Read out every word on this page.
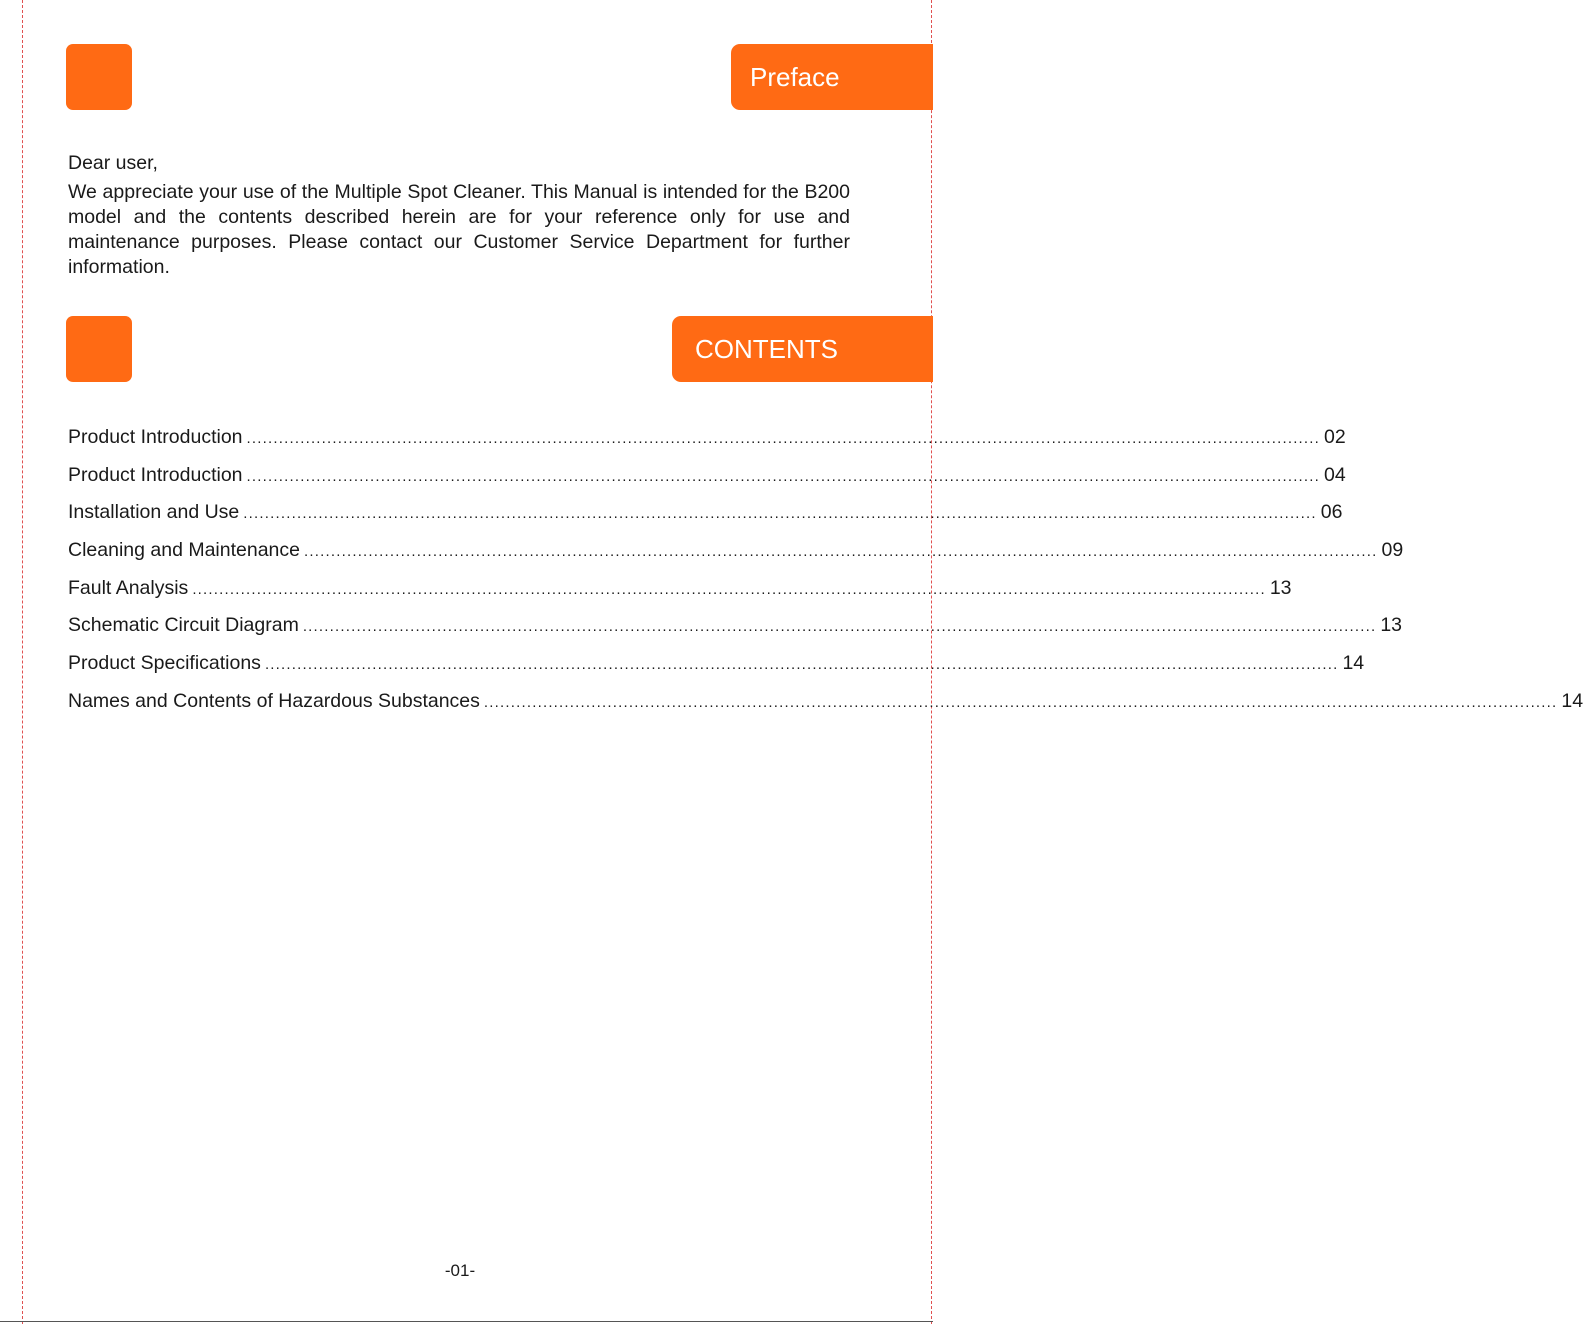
Preface

Dear user,

We appreciate your use of the Multiple Spot Cleaner. This Manual is intended for the B200 model and the contents described herein are for your reference only for use and maintenance purposes. Please contact our Customer Service Department for further information.

CONTENTS
Product Introduction ........................................................................................................................................................................................................ 02
Product Introduction ........................................................................................................................................................................................................ 04
Installation and Use ........................................................................................................................................................................................................ 06
Cleaning and Maintenance ........................................................................................................................................................................................................ 09
Fault Analysis ........................................................................................................................................................................................................ 13
Schematic Circuit Diagram ........................................................................................................................................................................................................ 13
Product Specifications ........................................................................................................................................................................................................ 14
Names and Contents of Hazardous Substances ........................................................................................................................................................................................................ 14
-01-
